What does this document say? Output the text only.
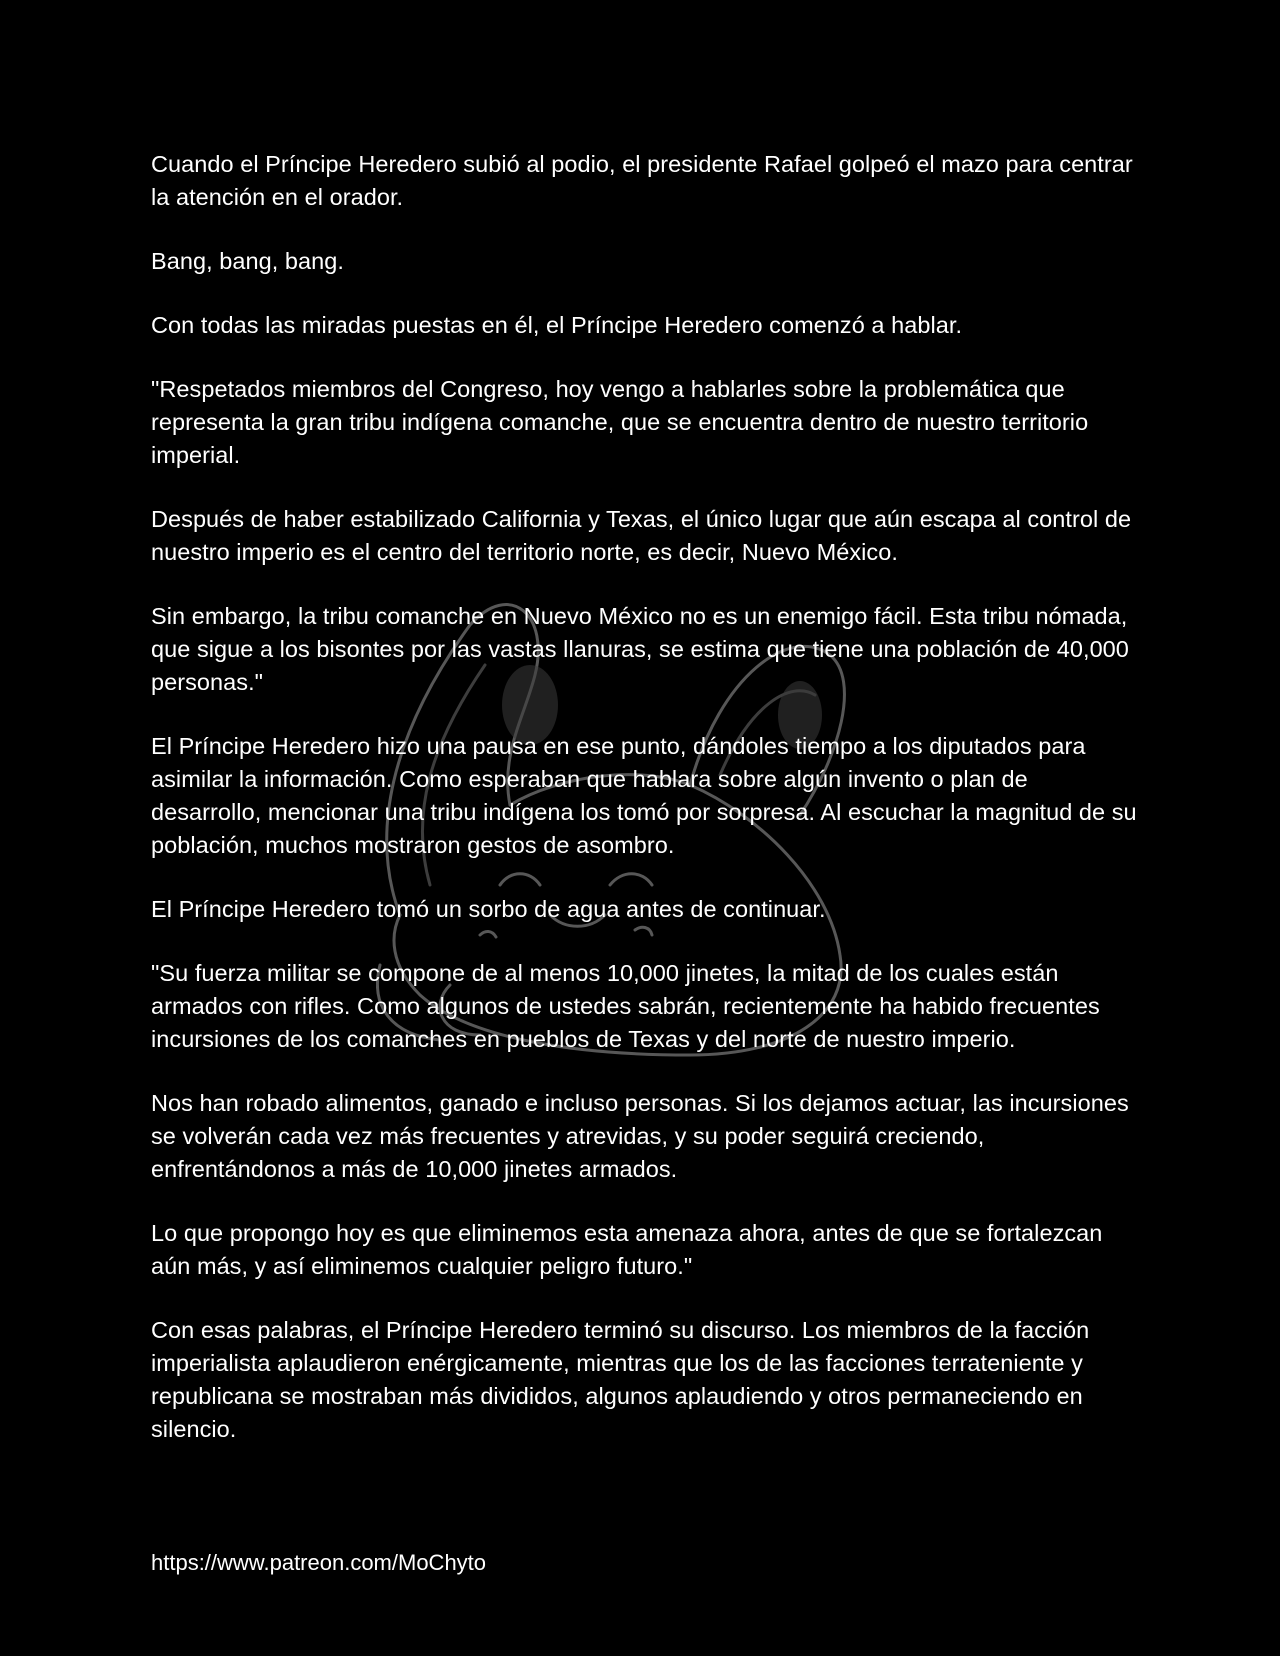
Cuando el Príncipe Heredero subió al podio, el presidente Rafael golpeó el mazo para centrar la atención en el orador.

Bang, bang, bang.

Con todas las miradas puestas en él, el Príncipe Heredero comenzó a hablar.

"Respetados miembros del Congreso, hoy vengo a hablarles sobre la problemática que representa la gran tribu indígena comanche, que se encuentra dentro de nuestro territorio imperial.

Después de haber estabilizado California y Texas, el único lugar que aún escapa al control de nuestro imperio es el centro del territorio norte, es decir, Nuevo México.

Sin embargo, la tribu comanche en Nuevo México no es un enemigo fácil. Esta tribu nómada, que sigue a los bisontes por las vastas llanuras, se estima que tiene una población de 40,000 personas."

El Príncipe Heredero hizo una pausa en ese punto, dándoles tiempo a los diputados para asimilar la información. Como esperaban que hablara sobre algún invento o plan de desarrollo, mencionar una tribu indígena los tomó por sorpresa. Al escuchar la magnitud de su población, muchos mostraron gestos de asombro.

El Príncipe Heredero tomó un sorbo de agua antes de continuar.

"Su fuerza militar se compone de al menos 10,000 jinetes, la mitad de los cuales están armados con rifles. Como algunos de ustedes sabrán, recientemente ha habido frecuentes incursiones de los comanches en pueblos de Texas y del norte de nuestro imperio.

Nos han robado alimentos, ganado e incluso personas. Si los dejamos actuar, las incursiones se volverán cada vez más frecuentes y atrevidas, y su poder seguirá creciendo, enfrentándonos a más de 10,000 jinetes armados.

Lo que propongo hoy es que eliminemos esta amenaza ahora, antes de que se fortalezcan aún más, y así eliminemos cualquier peligro futuro."

Con esas palabras, el Príncipe Heredero terminó su discurso. Los miembros de la facción imperialista aplaudieron enérgicamente, mientras que los de las facciones terrateniente y republicana se mostraban más divididos, algunos aplaudiendo y otros permaneciendo en silencio.

https://www.patreon.com/MoChyto
